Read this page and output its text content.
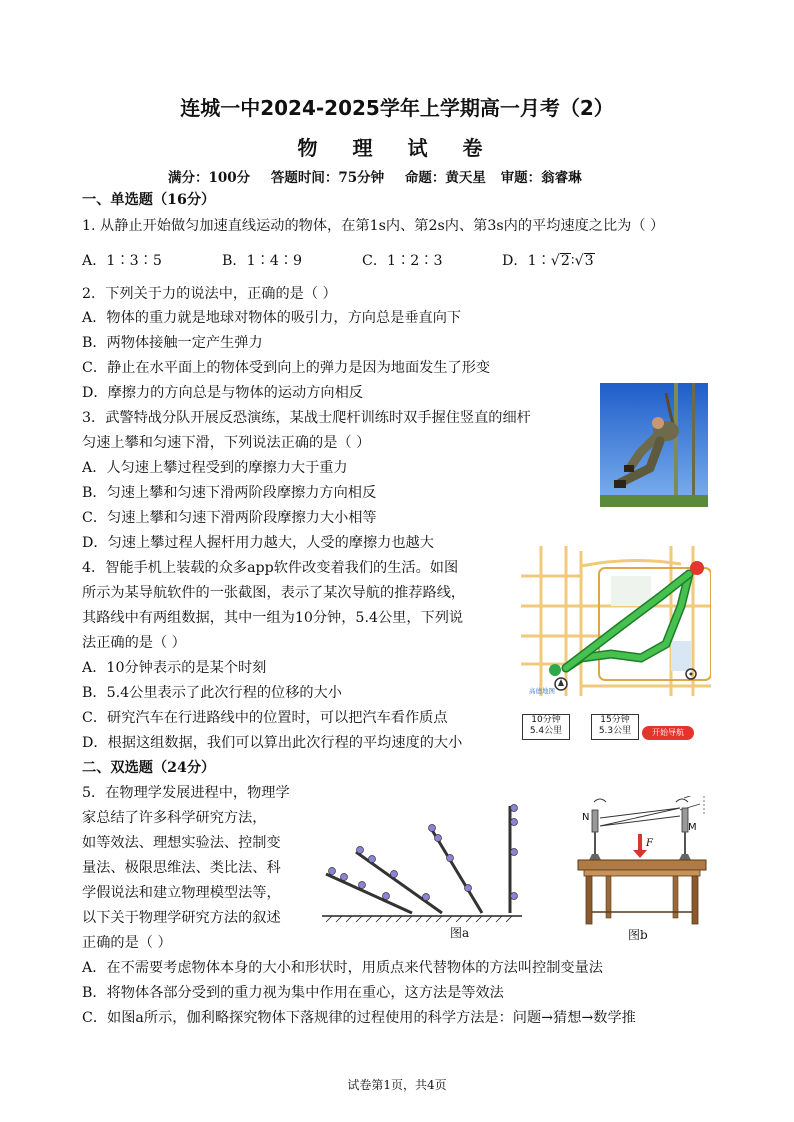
连城一中2024-2025学年上学期高一月考（2）
物 理 试 卷
满分：100分 答题时间：75分钟 命题：黄天星 审题：翁睿琳
一、单选题（16分）
1. 从静止开始做匀加速直线运动的物体，在第1s内、第2s内、第3s内的平均速度之比为（ ）
A．1∶3∶5	B．1∶4∶9	C．1∶2∶3	D．1∶√2∶√3
2．下列关于力的说法中，正确的是（ ）
A．物体的重力就是地球对物体的吸引力，方向总是垂直向下
B．两物体接触一定产生弹力
C．静止在水平面上的物体受到向上的弹力是因为地面发生了形变
D．摩擦力的方向总是与物体的运动方向相反
3．武警特战分队开展反恐演练，某战士爬杆训练时双手握住竖直的细杆
匀速上攀和匀速下滑，下列说法正确的是（ ）
A．人匀速上攀过程受到的摩擦力大于重力
B．匀速上攀和匀速下滑两阶段摩擦力方向相反
C．匀速上攀和匀速下滑两阶段摩擦力大小相等
D．匀速上攀过程人握杆用力越大，人受的摩擦力也越大
高德地图
10分钟
5.4公里
15分钟
5.3公里	开始导航
4．智能手机上装载的众多app软件改变着我们的生活。如图
所示为某导航软件的一张截图，表示了某次导航的推荐路线，
其路线中有两组数据，其中一组为10分钟，5.4公里，下列说
法正确的是（ ）
A．10分钟表示的是某个时刻
B．5.4公里表示了此次行程的位移的大小
C．研究汽车在行进路线中的位置时，可以把汽车看作质点
D．根据这组数据，我们可以算出此次行程的平均速度的大小
二、双选题（24分）
5．在物理学发展进程中，物理学
家总结了许多科学研究方法，
如等效法、理想实验法、控制变
量法、极限思维法、类比法、科
学假说法和建立物理模型法等，
以下关于物理学研究方法的叙述
正确的是（ ）
图a
N
M
F
图b
A．在不需要考虑物体本身的大小和形状时，用质点来代替物体的方法叫控制变量法
B．将物体各部分受到的重力视为集中作用在重心，这方法是等效法
C．如图a所示，伽利略探究物体下落规律的过程使用的科学方法是：问题→猜想→数学推
试卷第1页，共4页
